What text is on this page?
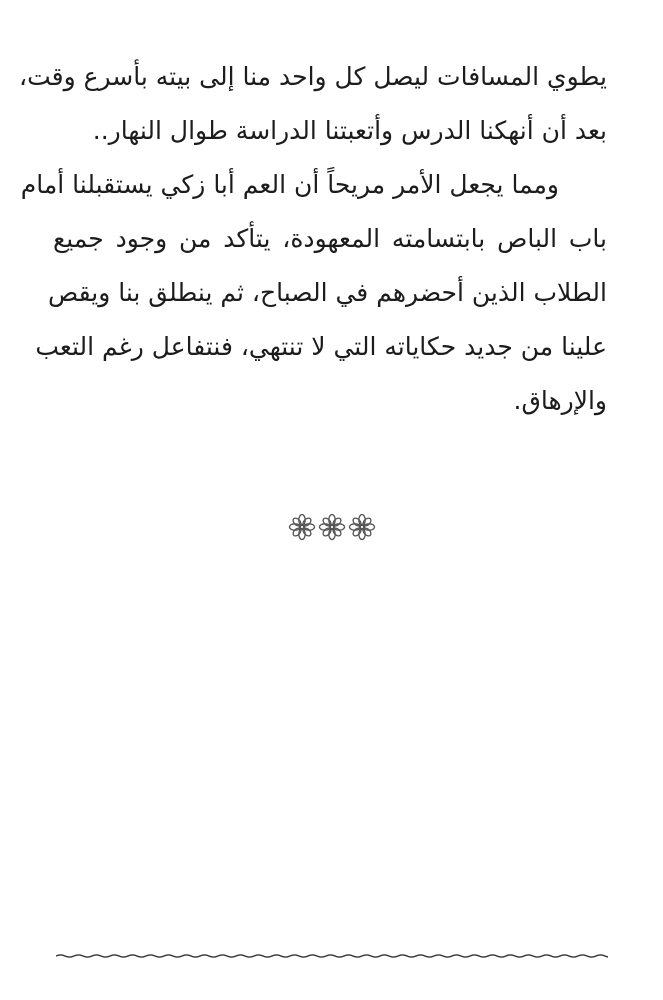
يطوي المسافات ليصل كل واحد منا إلى بيته بأسرع وقت،
بعد أن أنهكنا الدرس وأتعبتنا الدراسة طوال النهار..
ومما يجعل الأمر مريحاً أن العم أبا زكي يستقبلنا أمام
باب الباص بابتسامته المعهودة، يتأكد من وجود جميع
الطلاب الذين أحضرهم في الصباح، ثم ينطلق بنا ويقص
علينا من جديد حكاياته التي لا تنتهي، فنتفاعل رغم التعب
والإرهاق.
